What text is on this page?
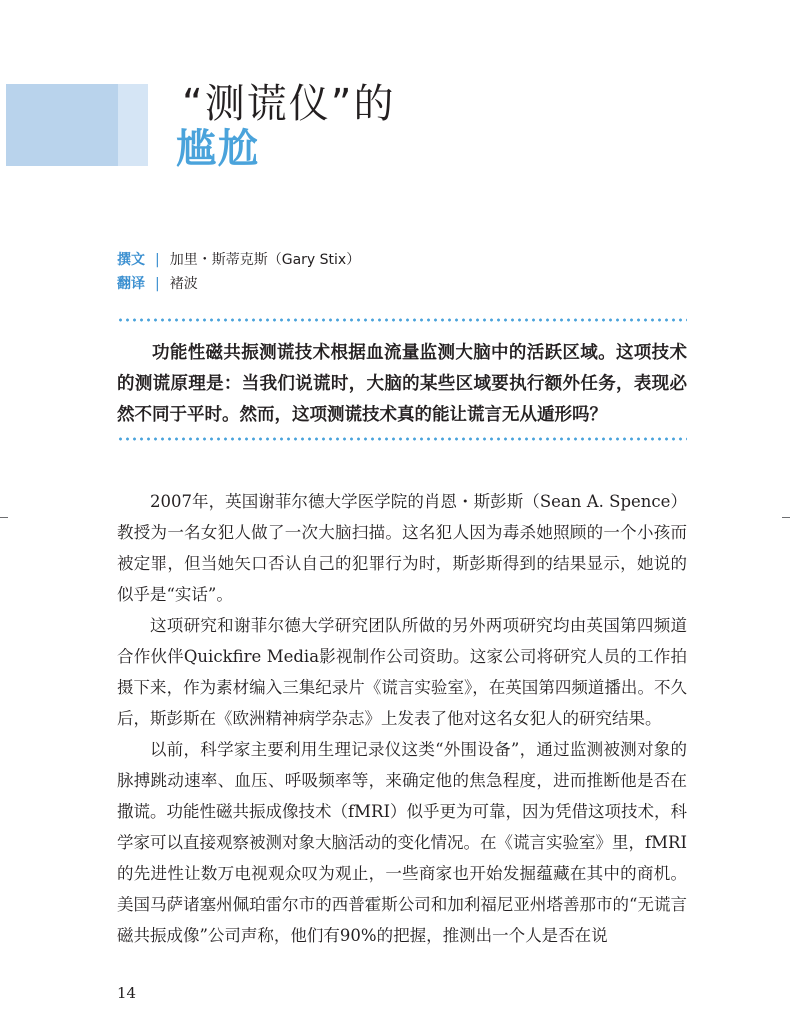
“测谎仪”的
尴尬
撰文 | 加里・斯蒂克斯（Gary Stix）
翻译 | 褚波
功能性磁共振测谎技术根据血流量监测大脑中的活跃区域。这项技术的测谎原理是：当我们说谎时，大脑的某些区域要执行额外任务，表现必然不同于平时。然而，这项测谎技术真的能让谎言无从遁形吗？

2007年，英国谢菲尔德大学医学院的肖恩・斯彭斯（Sean A. Spence）教授为一名女犯人做了一次大脑扫描。这名犯人因为毒杀她照顾的一个小孩而被定罪，但当她矢口否认自己的犯罪行为时，斯彭斯得到的结果显示，她说的似乎是“实话”。

这项研究和谢菲尔德大学研究团队所做的另外两项研究均由英国第四频道合作伙伴Quickfire Media影视制作公司资助。这家公司将研究人员的工作拍摄下来，作为素材编入三集纪录片《谎言实验室》，在英国第四频道播出。不久后，斯彭斯在《欧洲精神病学杂志》上发表了他对这名女犯人的研究结果。

以前，科学家主要利用生理记录仪这类“外围设备”，通过监测被测对象的脉搏跳动速率、血压、呼吸频率等，来确定他的焦急程度，进而推断他是否在撒谎。功能性磁共振成像技术（fMRI）似乎更为可靠，因为凭借这项技术，科学家可以直接观察被测对象大脑活动的变化情况。在《谎言实验室》里，fMRI的先进性让数万电视观众叹为观止，一些商家也开始发掘蕴藏在其中的商机。美国马萨诸塞州佩珀雷尔市的西普霍斯公司和加利福尼亚州塔善那市的“无谎言磁共振成像”公司声称，他们有90%的把握，推测出一个人是否在说

14
